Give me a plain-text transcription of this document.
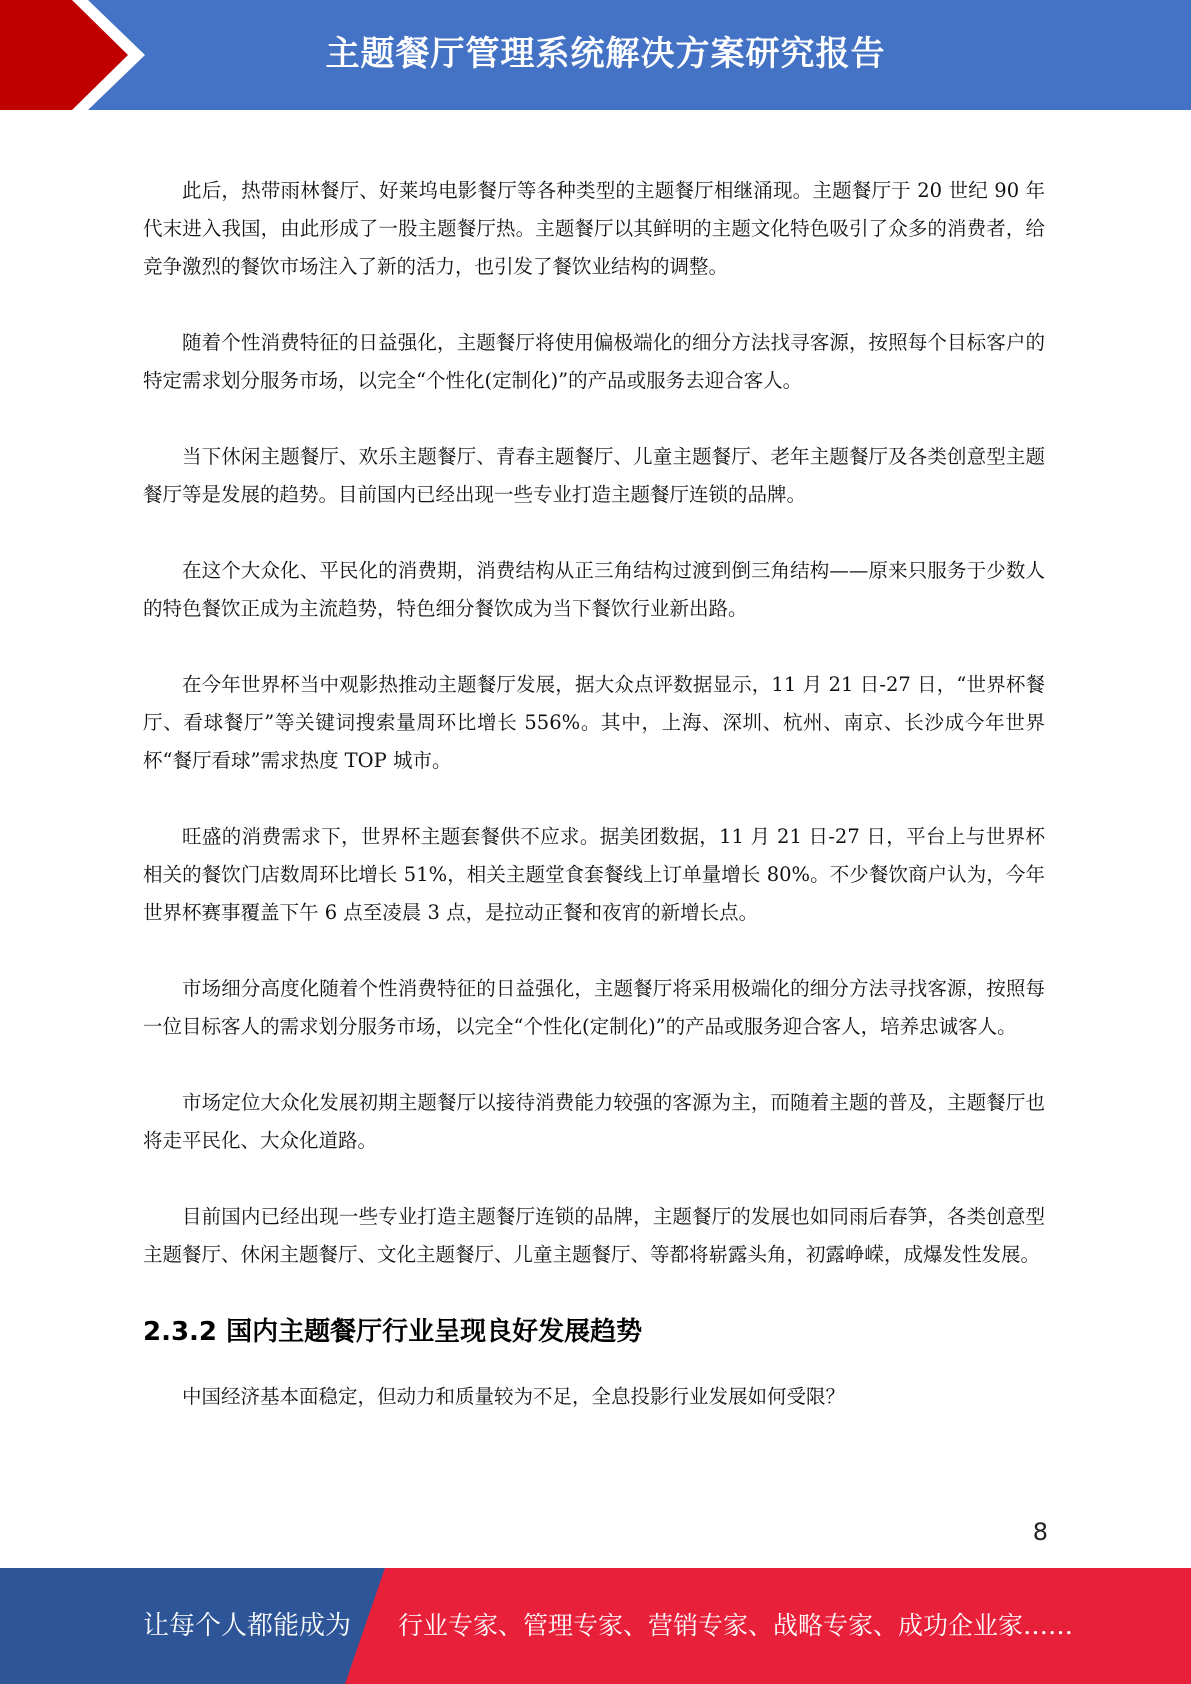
主题餐厅管理系统解决方案研究报告

此后，热带雨林餐厅、好莱坞电影餐厅等各种类型的主题餐厅相继涌现。主题餐厅于 20 世纪 90 年代末进入我国，由此形成了一股主题餐厅热。主题餐厅以其鲜明的主题文化特色吸引了众多的消费者，给竞争激烈的餐饮市场注入了新的活力，也引发了餐饮业结构的调整。

随着个性消费特征的日益强化，主题餐厅将使用偏极端化的细分方法找寻客源，按照每个目标客户的特定需求划分服务市场，以完全“个性化(定制化)”的产品或服务去迎合客人。

当下休闲主题餐厅、欢乐主题餐厅、青春主题餐厅、儿童主题餐厅、老年主题餐厅及各类创意型主题餐厅等是发展的趋势。目前国内已经出现一些专业打造主题餐厅连锁的品牌。

在这个大众化、平民化的消费期，消费结构从正三角结构过渡到倒三角结构——原来只服务于少数人的特色餐饮正成为主流趋势，特色细分餐饮成为当下餐饮行业新出路。

在今年世界杯当中观影热推动主题餐厅发展，据大众点评数据显示，11 月 21 日-27 日，“世界杯餐厅、看球餐厅”等关键词搜索量周环比增长 556%。其中，上海、深圳、杭州、南京、长沙成今年世界杯“餐厅看球”需求热度 TOP 城市。

旺盛的消费需求下，世界杯主题套餐供不应求。据美团数据，11 月 21 日-27 日，平台上与世界杯相关的餐饮门店数周环比增长 51%，相关主题堂食套餐线上订单量增长 80%。不少餐饮商户认为，今年世界杯赛事覆盖下午 6 点至凌晨 3 点，是拉动正餐和夜宵的新增长点。

市场细分高度化随着个性消费特征的日益强化，主题餐厅将采用极端化的细分方法寻找客源，按照每一位目标客人的需求划分服务市场，以完全“个性化(定制化)”的产品或服务迎合客人，培养忠诚客人。

市场定位大众化发展初期主题餐厅以接待消费能力较强的客源为主，而随着主题的普及，主题餐厅也将走平民化、大众化道路。

目前国内已经出现一些专业打造主题餐厅连锁的品牌，主题餐厅的发展也如同雨后春笋，各类创意型主题餐厅、休闲主题餐厅、文化主题餐厅、儿童主题餐厅、等都将崭露头角，初露峥嵘，成爆发性发展。

2.3.2 国内主题餐厅行业呈现良好发展趋势

中国经济基本面稳定，但动力和质量较为不足，全息投影行业发展如何受限？

8
让每个人都能成为 行业专家、管理专家、营销专家、战略专家、成功企业家……
